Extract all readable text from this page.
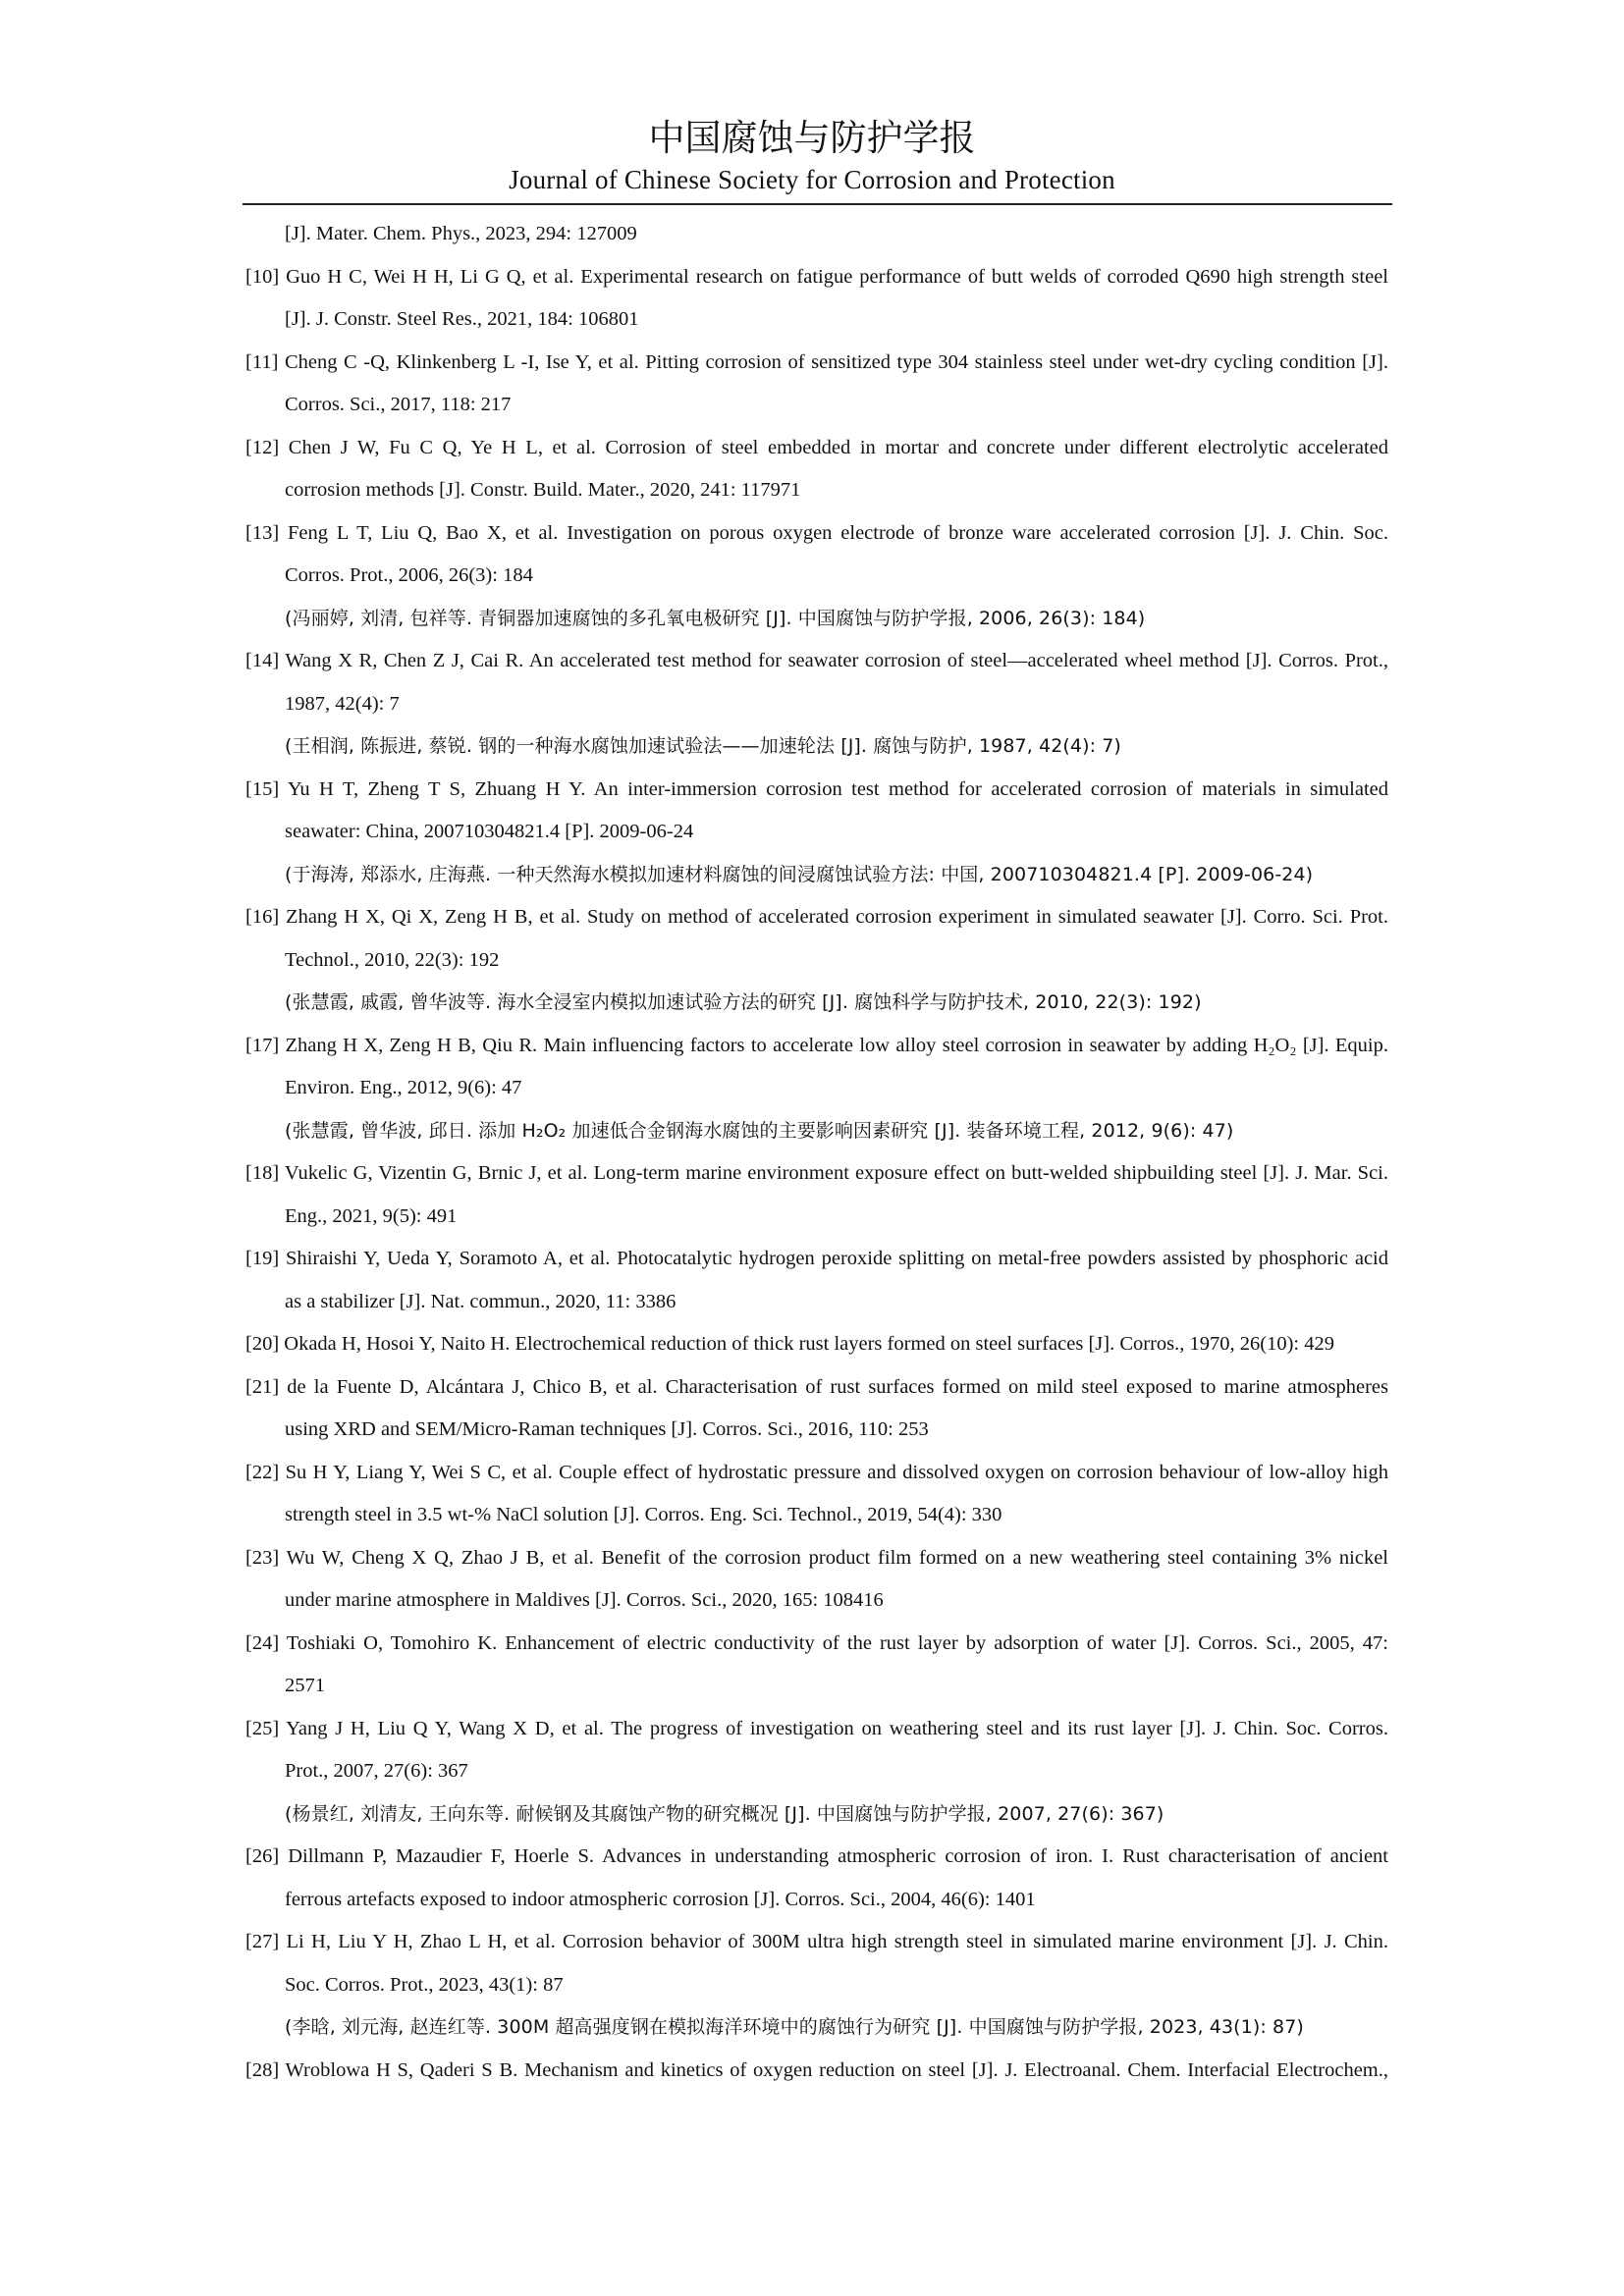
中国腐蚀与防护学报
Journal of Chinese Society for Corrosion and Protection
[J]. Mater. Chem. Phys., 2023, 294: 127009
[10] Guo H C, Wei H H, Li G Q, et al. Experimental research on fatigue performance of butt welds of corroded Q690 high strength steel
[J]. J. Constr. Steel Res., 2021, 184: 106801
[11] Cheng C -Q, Klinkenberg L -I, Ise Y, et al. Pitting corrosion of sensitized type 304 stainless steel under wet-dry cycling condition [J].
Corros. Sci., 2017, 118: 217
[12] Chen J W, Fu C Q, Ye H L, et al. Corrosion of steel embedded in mortar and concrete under different electrolytic accelerated
corrosion methods [J]. Constr. Build. Mater., 2020, 241: 117971
[13] Feng L T, Liu Q, Bao X, et al. Investigation on porous oxygen electrode of bronze ware accelerated corrosion [J]. J. Chin. Soc.
Corros. Prot., 2006, 26(3): 184
(冯丽婷, 刘清, 包祥等. 青铜器加速腐蚀的多孔氧电极研究 [J]. 中国腐蚀与防护学报, 2006, 26(3): 184)
[14] Wang X R, Chen Z J, Cai R. An accelerated test method for seawater corrosion of steel—accelerated wheel method [J]. Corros. Prot.,
1987, 42(4): 7
(王相润, 陈振进, 蔡锐. 钢的一种海水腐蚀加速试验法——加速轮法 [J]. 腐蚀与防护, 1987, 42(4): 7)
[15] Yu H T, Zheng T S, Zhuang H Y. An inter-immersion corrosion test method for accelerated corrosion of materials in simulated
seawater: China, 200710304821.4 [P]. 2009-06-24
(于海涛, 郑添水, 庄海燕. 一种天然海水模拟加速材料腐蚀的间浸腐蚀试验方法: 中国, 200710304821.4 [P]. 2009-06-24)
[16] Zhang H X, Qi X, Zeng H B, et al. Study on method of accelerated corrosion experiment in simulated seawater [J]. Corro. Sci. Prot.
Technol., 2010, 22(3): 192
(张慧霞, 戚霞, 曾华波等. 海水全浸室内模拟加速试验方法的研究 [J]. 腐蚀科学与防护技术, 2010, 22(3): 192)
[17] Zhang H X, Zeng H B, Qiu R. Main influencing factors to accelerate low alloy steel corrosion in seawater by adding H₂O₂ [J]. Equip.
Environ. Eng., 2012, 9(6): 47
(张慧霞, 曾华波, 邱日. 添加 H₂O₂ 加速低合金钢海水腐蚀的主要影响因素研究 [J]. 装备环境工程, 2012, 9(6): 47)
[18] Vukelic G, Vizentin G, Brnic J, et al. Long-term marine environment exposure effect on butt-welded shipbuilding steel [J]. J. Mar. Sci.
Eng., 2021, 9(5): 491
[19] Shiraishi Y, Ueda Y, Soramoto A, et al. Photocatalytic hydrogen peroxide splitting on metal-free powders assisted by phosphoric acid
as a stabilizer [J]. Nat. commun., 2020, 11: 3386
[20] Okada H, Hosoi Y, Naito H. Electrochemical reduction of thick rust layers formed on steel surfaces [J]. Corros., 1970, 26(10): 429
[21] de la Fuente D, Alcántara J, Chico B, et al. Characterisation of rust surfaces formed on mild steel exposed to marine atmospheres
using XRD and SEM/Micro-Raman techniques [J]. Corros. Sci., 2016, 110: 253
[22] Su H Y, Liang Y, Wei S C, et al. Couple effect of hydrostatic pressure and dissolved oxygen on corrosion behaviour of low-alloy high
strength steel in 3.5 wt-% NaCl solution [J]. Corros. Eng. Sci. Technol., 2019, 54(4): 330
[23] Wu W, Cheng X Q, Zhao J B, et al. Benefit of the corrosion product film formed on a new weathering steel containing 3% nickel
under marine atmosphere in Maldives [J]. Corros. Sci., 2020, 165: 108416
[24] Toshiaki O, Tomohiro K. Enhancement of electric conductivity of the rust layer by adsorption of water [J]. Corros. Sci., 2005, 47:
2571
[25] Yang J H, Liu Q Y, Wang X D, et al. The progress of investigation on weathering steel and its rust layer [J]. J. Chin. Soc. Corros.
Prot., 2007, 27(6): 367
(杨景红, 刘清友, 王向东等. 耐候钢及其腐蚀产物的研究概况 [J]. 中国腐蚀与防护学报, 2007, 27(6): 367)
[26] Dillmann P, Mazaudier F, Hoerle S. Advances in understanding atmospheric corrosion of iron. I. Rust characterisation of ancient
ferrous artefacts exposed to indoor atmospheric corrosion [J]. Corros. Sci., 2004, 46(6): 1401
[27] Li H, Liu Y H, Zhao L H, et al. Corrosion behavior of 300M ultra high strength steel in simulated marine environment [J]. J. Chin.
Soc. Corros. Prot., 2023, 43(1): 87
(李晗, 刘元海, 赵连红等. 300M 超高强度钢在模拟海洋环境中的腐蚀行为研究 [J]. 中国腐蚀与防护学报, 2023, 43(1): 87)
[28] Wroblowa H S, Qaderi S B. Mechanism and kinetics of oxygen reduction on steel [J]. J. Electroanal. Chem. Interfacial Electrochem.,
